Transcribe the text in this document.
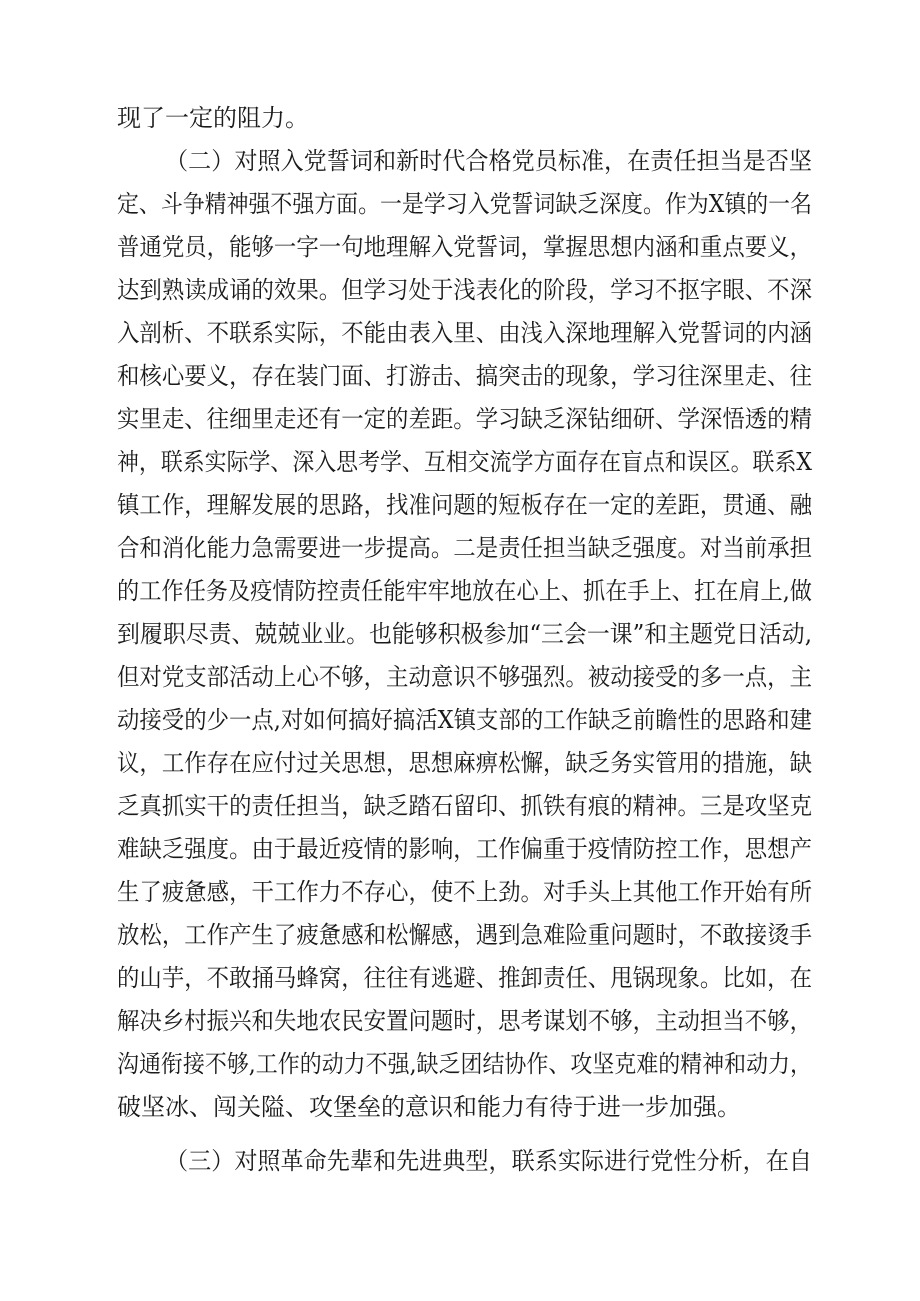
现了一定的阻力。
（二）对照入党誓词和新时代合格党员标准，在责任担当是否坚
定、斗争精神强不强方面。一是学习入党誓词缺乏深度。作为X镇的一名
普通党员，能够一字一句地理解入党誓词，掌握思想内涵和重点要义，
达到熟读成诵的效果。但学习处于浅表化的阶段，学习不抠字眼、不深
入剖析、不联系实际，不能由表入里、由浅入深地理解入党誓词的内涵
和核心要义，存在装门面、打游击、搞突击的现象，学习往深里走、往
实里走、往细里走还有一定的差距。学习缺乏深钻细研、学深悟透的精
神，联系实际学、深入思考学、互相交流学方面存在盲点和误区。联系X
镇工作，理解发展的思路，找准问题的短板存在一定的差距，贯通、融
合和消化能力急需要进一步提高。二是责任担当缺乏强度。对当前承担
的工作任务及疫情防控责任能牢牢地放在心上、抓在手上、扛在肩上,做
到履职尽责、兢兢业业。也能够积极参加“三会一课”和主题党日活动,
但对党支部活动上心不够，主动意识不够强烈。被动接受的多一点，主
动接受的少一点,对如何搞好搞活X镇支部的工作缺乏前瞻性的思路和建
议，工作存在应付过关思想，思想麻痹松懈，缺乏务实管用的措施，缺
乏真抓实干的责任担当，缺乏踏石留印、抓铁有痕的精神。三是攻坚克
难缺乏强度。由于最近疫情的影响，工作偏重于疫情防控工作，思想产
生了疲惫感，干工作力不存心，使不上劲。对手头上其他工作开始有所
放松，工作产生了疲惫感和松懈感，遇到急难险重问题时，不敢接烫手
的山芋，不敢捅马蜂窝，往往有逃避、推卸责任、甩锅现象。比如，在
解决乡村振兴和失地农民安置问题时，思考谋划不够，主动担当不够，
沟通衔接不够,工作的动力不强,缺乏团结协作、攻坚克难的精神和动力，
破坚冰、闯关隘、攻堡垒的意识和能力有待于进一步加强。
（三）对照革命先辈和先进典型，联系实际进行党性分析，在自
